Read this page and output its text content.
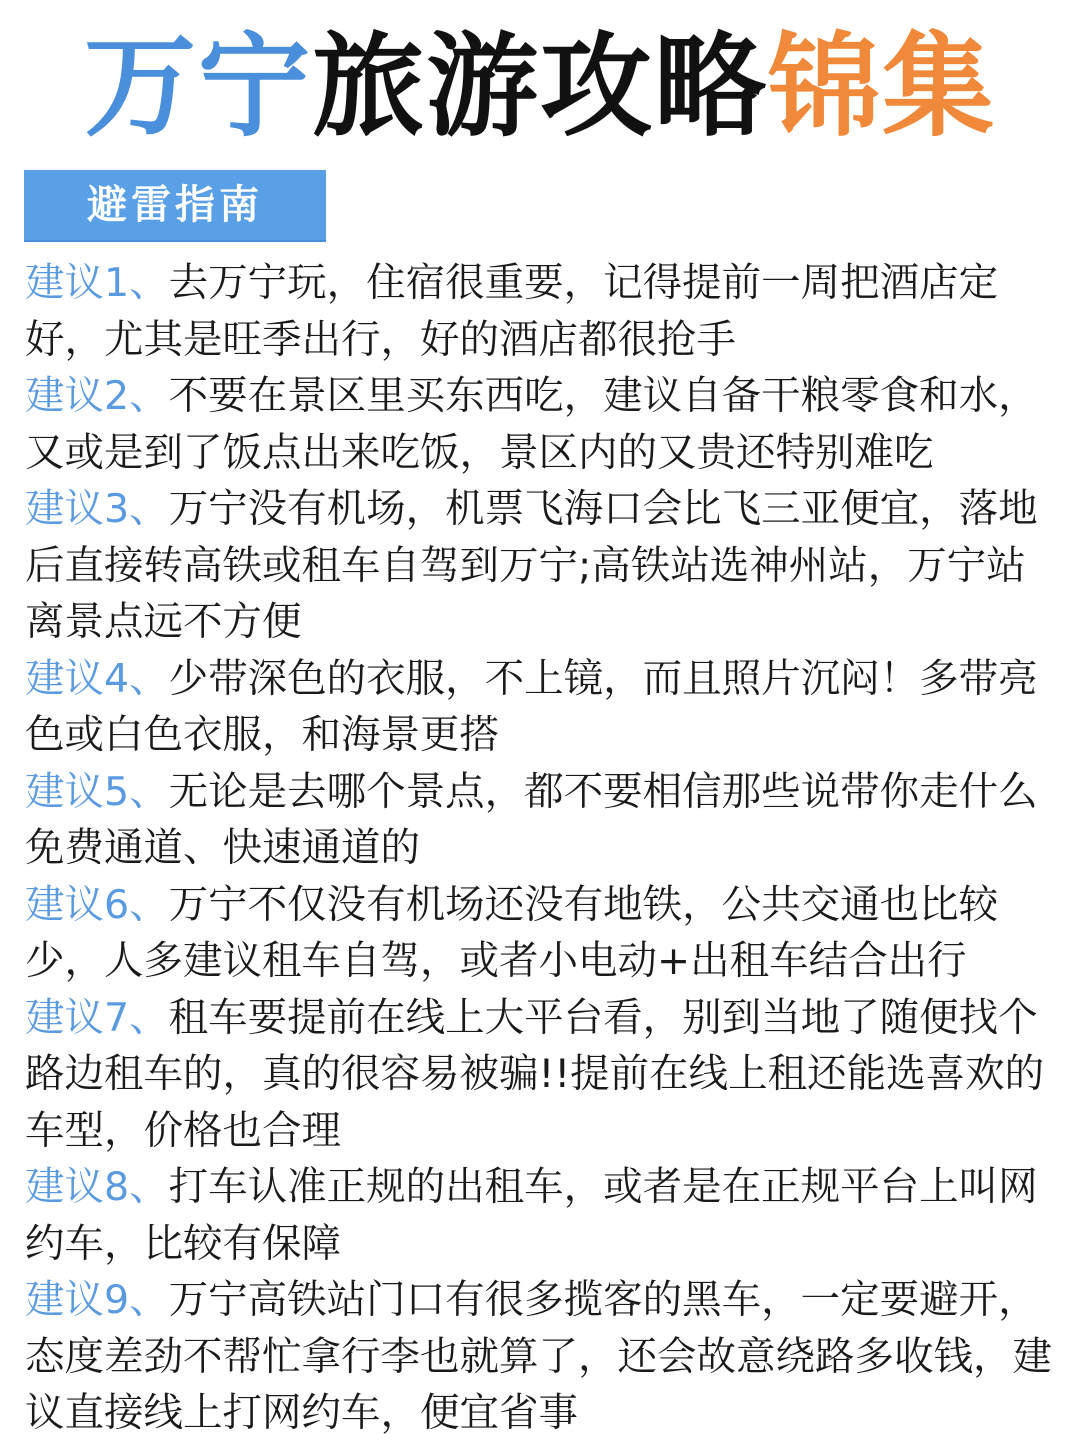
万宁旅游攻略锦集
避雷指南

建议1、去万宁玩，住宿很重要，记得提前一周把酒店定好，尤其是旺季出行，好的酒店都很抢手

建议2、不要在景区里买东西吃，建议自备干粮零食和水，又或是到了饭点出来吃饭，景区内的又贵还特别难吃

建议3、万宁没有机场，机票飞海口会比飞三亚便宜，落地后直接转高铁或租车自驾到万宁;高铁站选神州站，万宁站离景点远不方便

建议4、少带深色的衣服，不上镜，而且照片沉闷！多带亮色或白色衣服，和海景更搭

建议5、无论是去哪个景点，都不要相信那些说带你走什么免费通道、快速通道的

建议6、万宁不仅没有机场还没有地铁，公共交通也比较少，人多建议租车自驾，或者小电动+出租车结合出行

建议7、租车要提前在线上大平台看，别到当地了随便找个路边租车的，真的很容易被骗!!提前在线上租还能选喜欢的车型，价格也合理

建议8、打车认准正规的出租车，或者是在正规平台上叫网约车，比较有保障

建议9、万宁高铁站门口有很多揽客的黑车，一定要避开，态度差劲不帮忙拿行李也就算了，还会故意绕路多收钱，建议直接线上打网约车，便宜省事
